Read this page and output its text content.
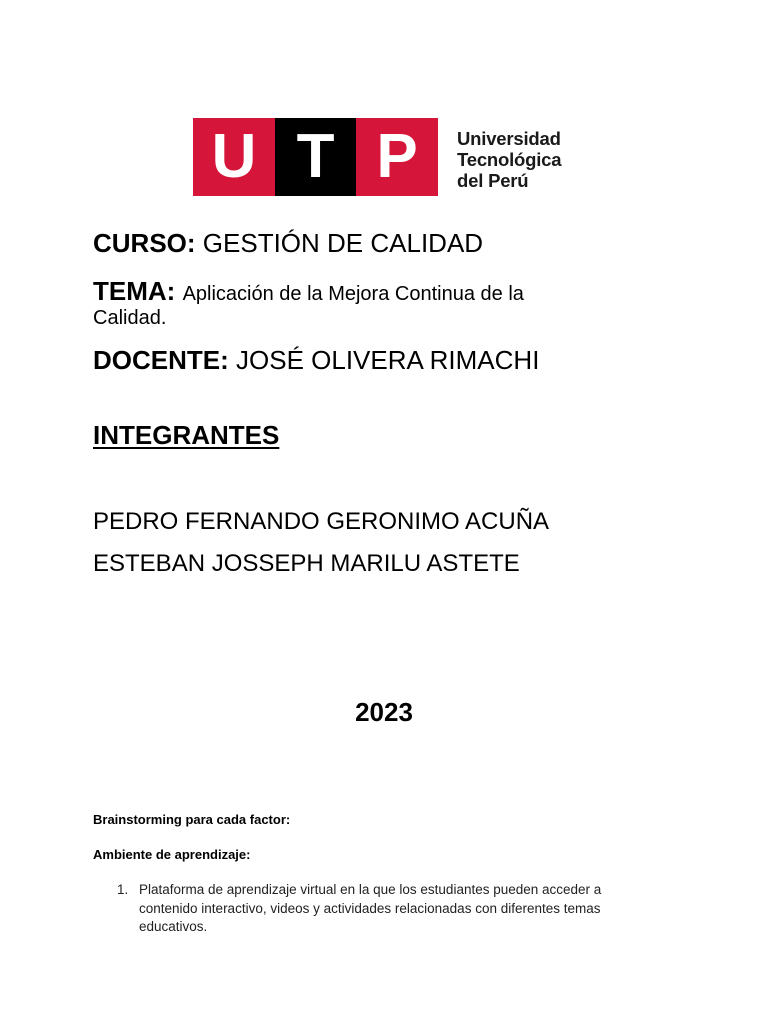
U T P	Universidad
Tecnológica
del Perú
CURSO: GESTIÓN DE CALIDAD
TEMA: Aplicación de la Mejora Continua de la
Calidad.
DOCENTE: JOSÉ OLIVERA RIMACHI
INTEGRANTES
PEDRO FERNANDO GERONIMO ACUÑA
ESTEBAN JOSSEPH MARILU ASTETE
2023
Brainstorming para cada factor:
Ambiente de aprendizaje:
1. Plataforma de aprendizaje virtual en la que los estudiantes pueden acceder a
contenido interactivo, videos y actividades relacionadas con diferentes temas
educativos.
